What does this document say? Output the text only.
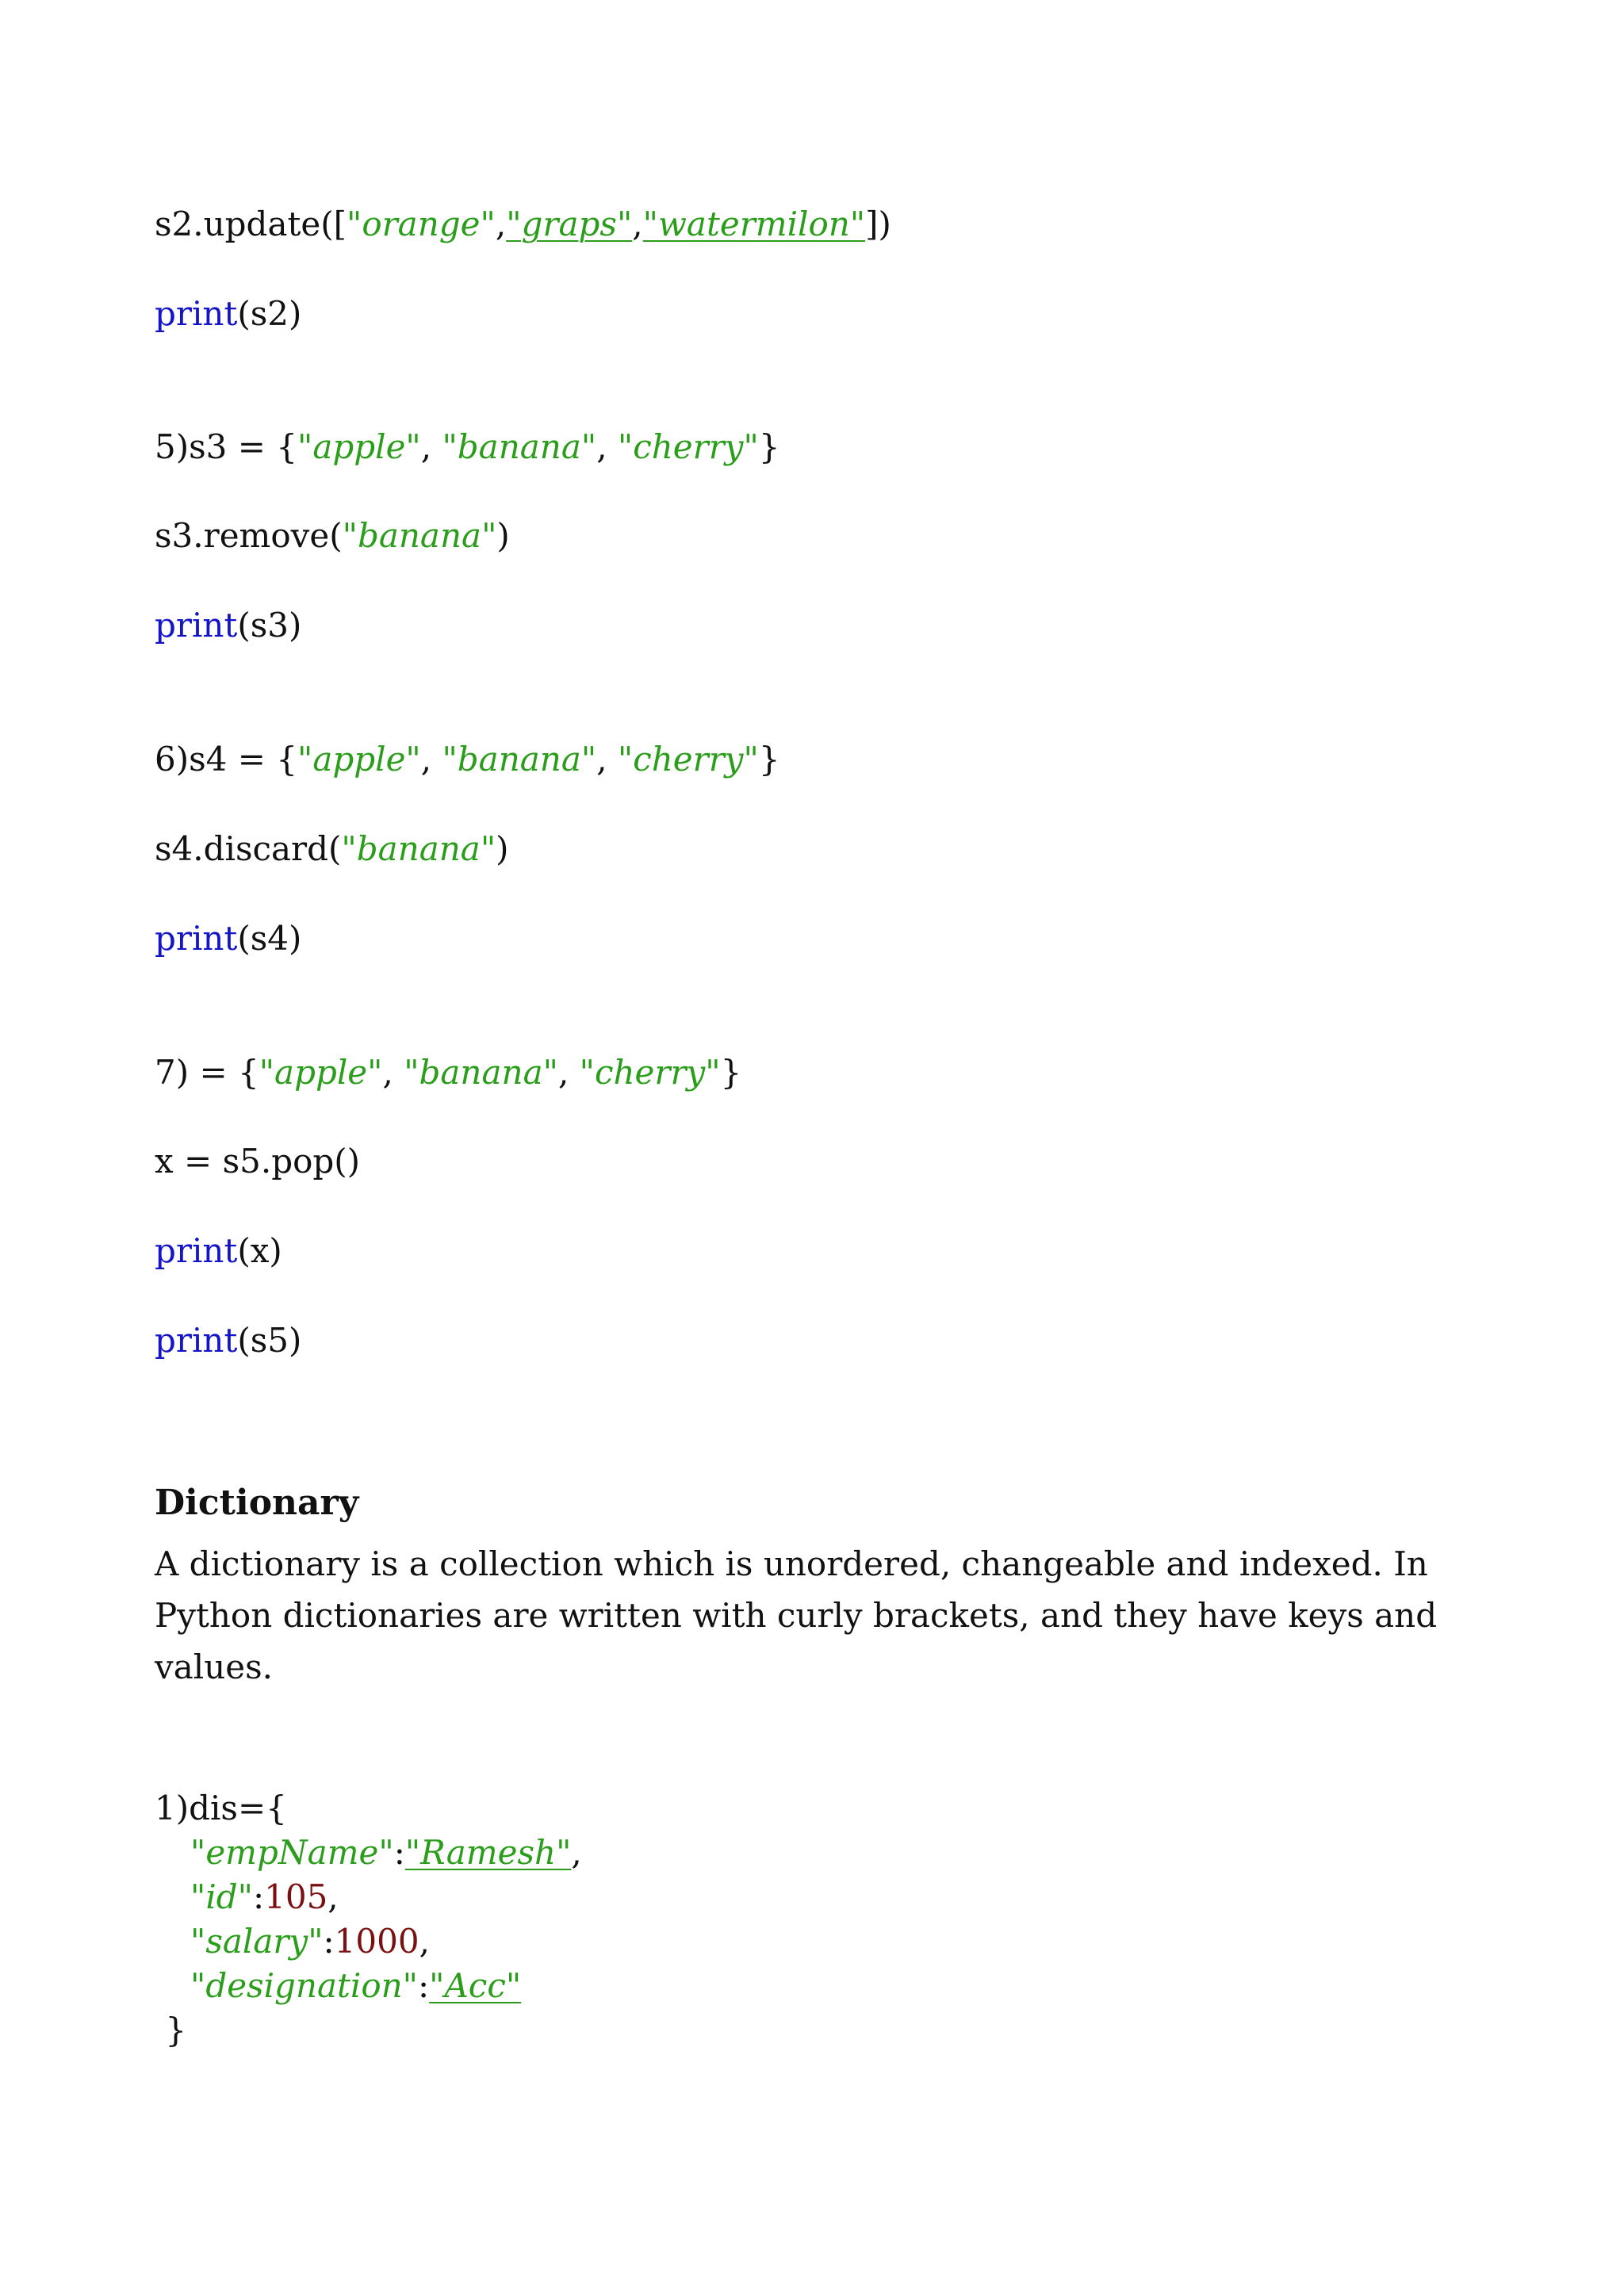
s2.update(["orange","graps","watermilon"])
print(s2)
5)s3 = {"apple", "banana", "cherry"}
s3.remove("banana")
print(s3)
6)s4 = {"apple", "banana", "cherry"}
s4.discard("banana")
print(s4)
7) = {"apple", "banana", "cherry"}
x = s5.pop()
print(x)
print(s5)
Dictionary
A dictionary is a collection which is unordered, changeable and indexed. In Python dictionaries are written with curly brackets, and they have keys and values.
1)dis={
"empName":"Ramesh",
"id":105,
"salary":1000,
"designation":"Acc"
}
